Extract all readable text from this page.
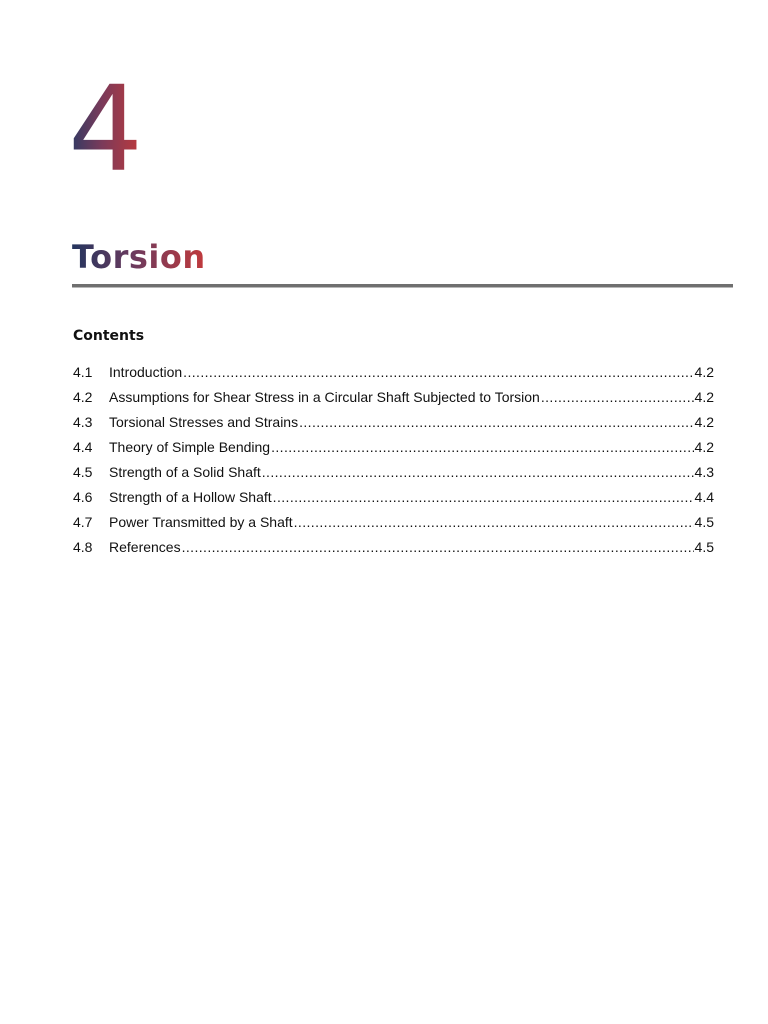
4
Torsion
Contents
4.1	Introduction .....	4.2
4.2	Assumptions for Shear Stress in a Circular Shaft Subjected to Torsion .....	4.2
4.3	Torsional Stresses and Strains .....	4.2
4.4	Theory of Simple Bending .....	4.2
4.5	Strength of a Solid Shaft .....	4.3
4.6	Strength of a Hollow Shaft .....	4.4
4.7	Power Transmitted by a Shaft .....	4.5
4.8	References .....	4.5
